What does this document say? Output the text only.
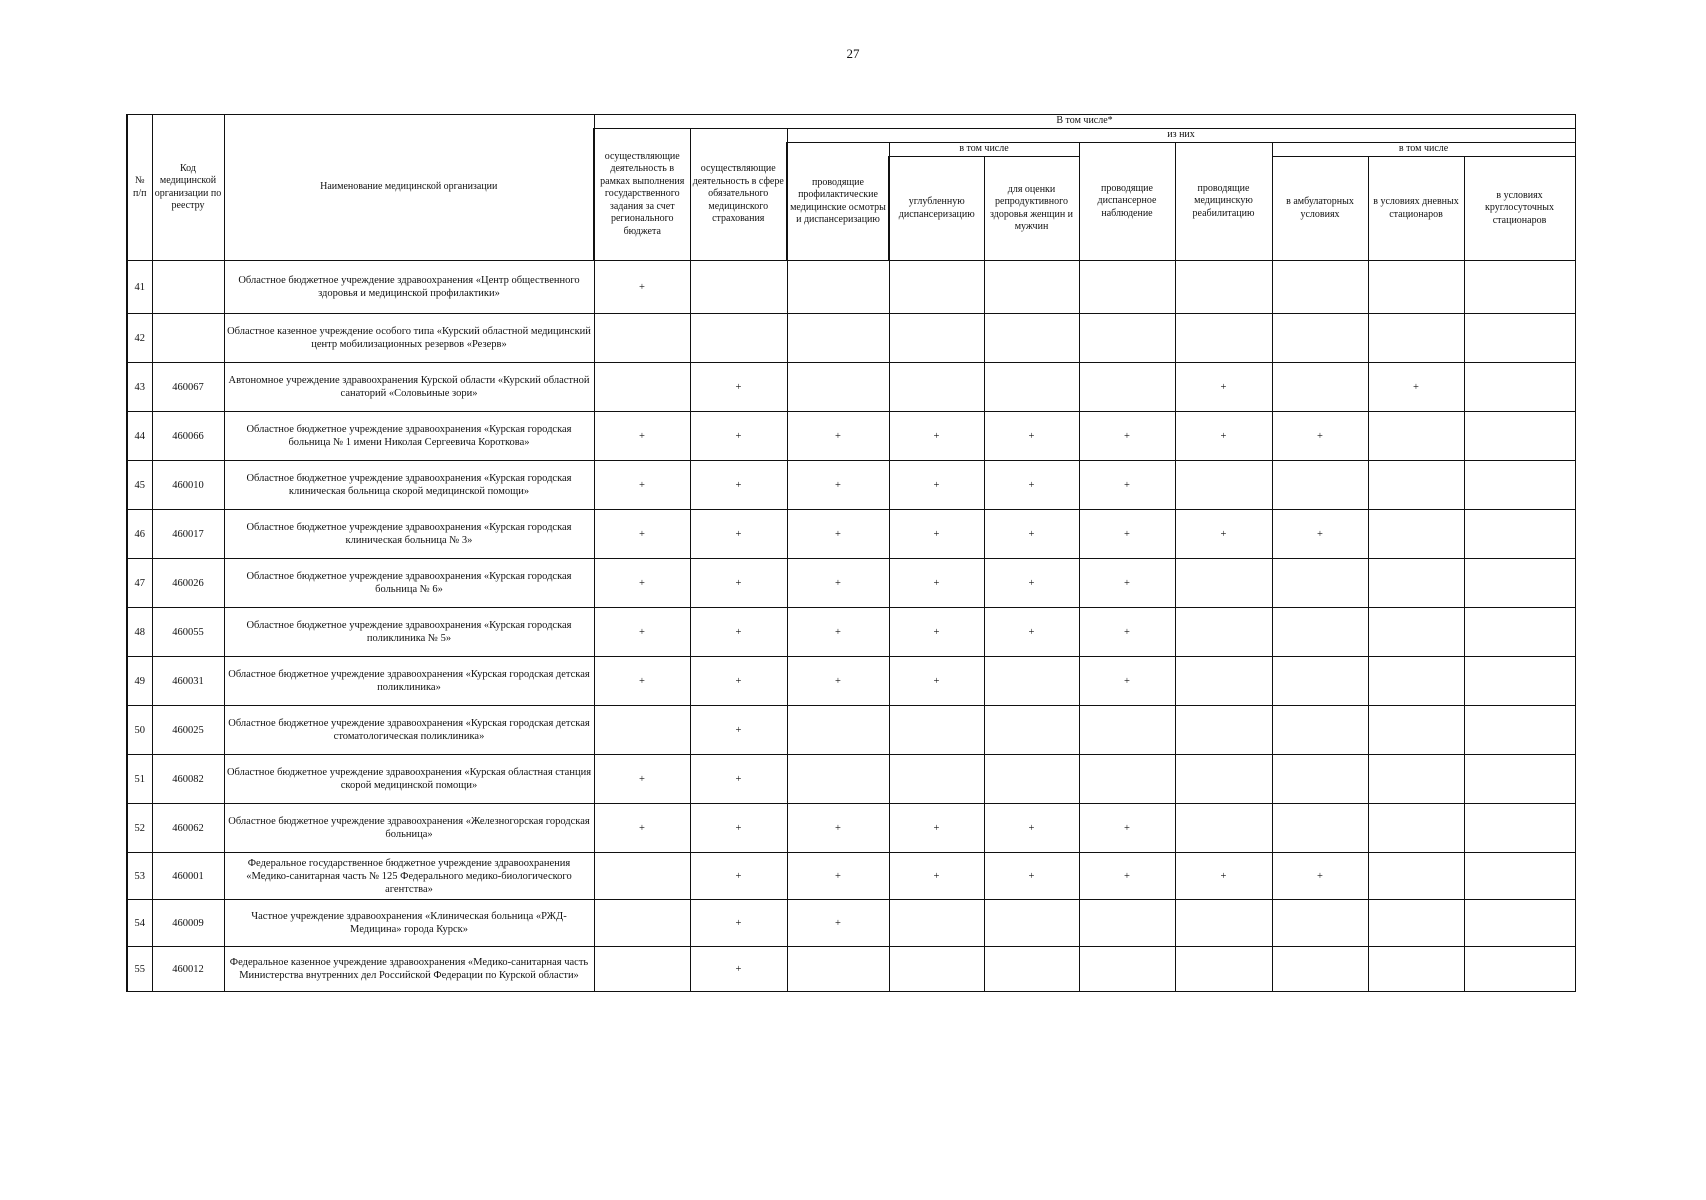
27
№ п/п	Код медицинской организации по реестру	Наименование медицинской организации	В том числе*									
			осуществляющие деятельность в рамках выполнения государственного задания за счет регионального бюджета	осуществляющие деятельность в сфере обязательного медицинского страхования	из них							
					проводящие профилактические медицинские осмотры и диспансеризацию	в том числе		проводящие диспансерное наблюдение	проводящие медицинскую реабилитацию	в том числе		
						углубленную диспансеризацию	для оценки репродуктивного здоровья женщин и мужчин			в амбулаторных условиях	в условиях дневных стационаров	в условиях круглосуточных стационаров
41		Областное бюджетное учреждение здравоохранения «Центр общественного здоровья и медицинской профилактики»	+									
42		Областное казенное учреждение особого типа «Курский областной медицинский центр мобилизационных резервов «Резерв»										
43	460067	Автономное учреждение здравоохранения Курской области «Курский областной санаторий «Соловьиные зори»		+					+		+	
44	460066	Областное бюджетное учреждение здравоохранения «Курская городская больница № 1 имени Николая Сергеевича Короткова»	+	+	+	+	+	+	+	+		
45	460010	Областное бюджетное учреждение здравоохранения «Курская городская клиническая больница скорой медицинской помощи»	+	+	+	+	+	+				
46	460017	Областное бюджетное учреждение здравоохранения «Курская городская клиническая больница № 3»	+	+	+	+	+	+	+	+		
47	460026	Областное бюджетное учреждение здравоохранения «Курская городская больница № 6»	+	+	+	+	+	+				
48	460055	Областное бюджетное учреждение здравоохранения «Курская городская поликлиника № 5»	+	+	+	+	+	+				
49	460031	Областное бюджетное учреждение здравоохранения «Курская городская детская поликлиника»	+	+	+	+		+				
50	460025	Областное бюджетное учреждение здравоохранения «Курская городская детская стоматологическая поликлиника»		+								
51	460082	Областное бюджетное учреждение здравоохранения «Курская областная станция скорой медицинской помощи»	+	+								
52	460062	Областное бюджетное учреждение здравоохранения «Железногорская городская больница»	+	+	+	+	+	+				
53	460001	Федеральное государственное бюджетное учреждение здравоохранения «Медико-санитарная часть № 125 Федерального медико-биологического агентства»		+	+	+	+	+	+	+		
54	460009	Частное учреждение здравоохранения «Клиническая больница «РЖД-Медицина» города Курск»		+	+							
55	460012	Федеральное казенное учреждение здравоохранения «Медико-санитарная часть Министерства внутренних дел Российской Федерации по Курской области»		+								
